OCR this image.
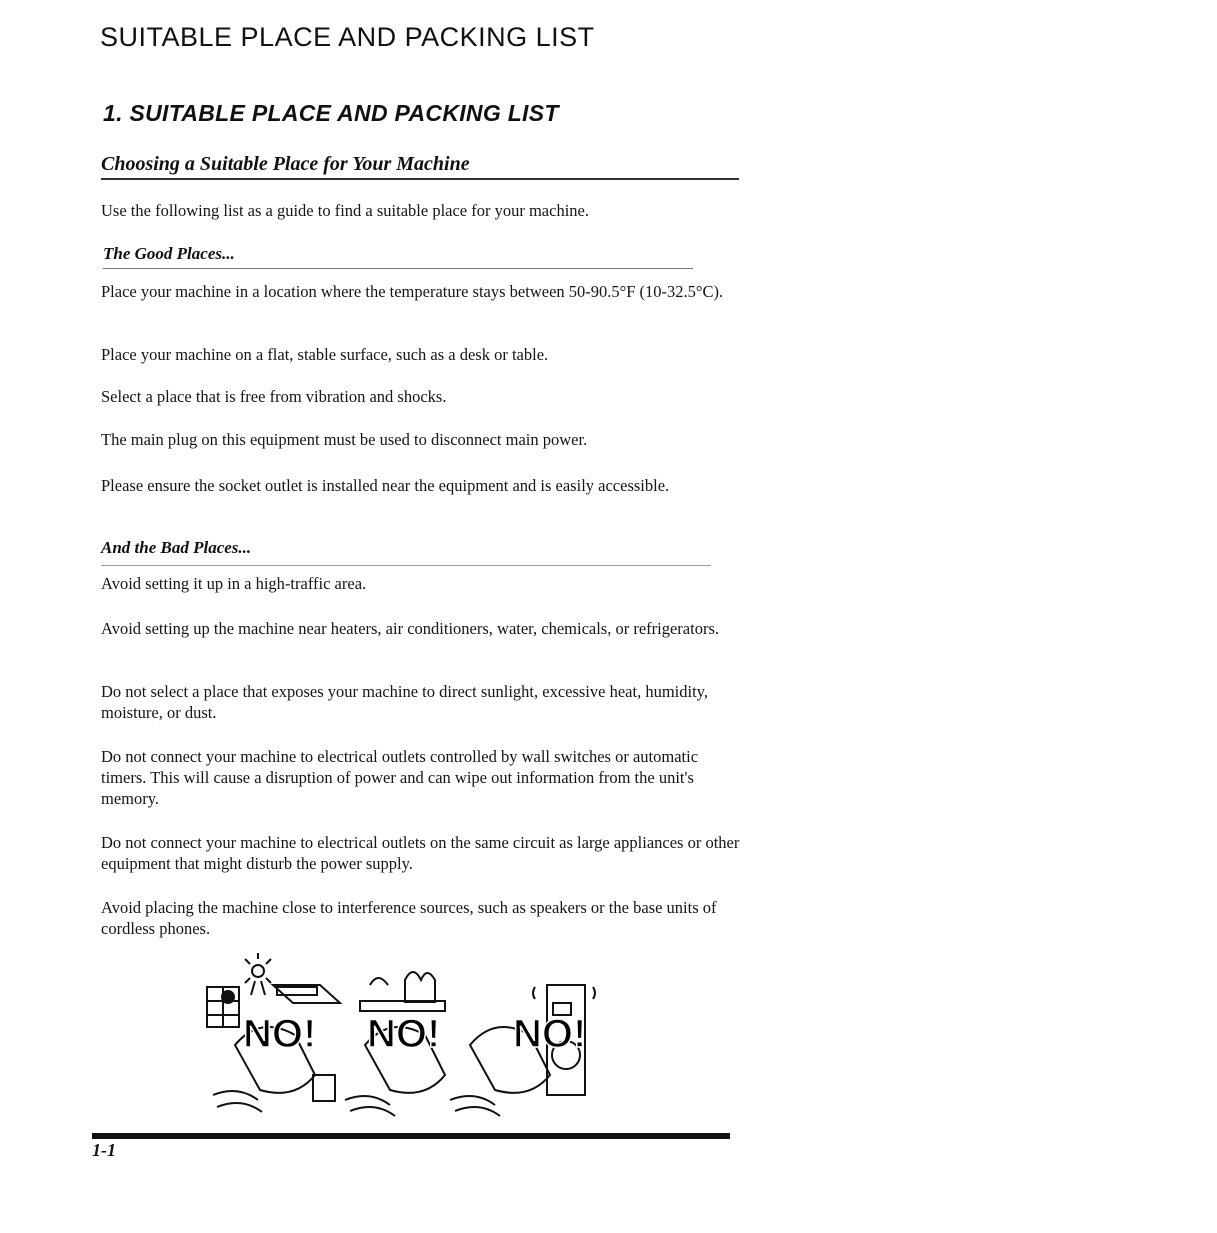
SUITABLE PLACE AND PACKING LIST
1. SUITABLE PLACE AND PACKING LIST
Choosing a Suitable Place for Your Machine
Use the following list as a guide to find a suitable place for your machine.
The Good Places...
Place your machine in a location where the temperature stays between 50-90.5°F (10-32.5°C).
Place your machine on a flat, stable surface, such as a desk or table.
Select a place that is free from vibration and shocks.
The main plug on this equipment must be used to disconnect main power.
Please ensure the socket outlet is installed near the equipment and is easily accessible.
And the Bad Places...
Avoid setting it up in a high-traffic area.
Avoid setting up the machine near heaters, air conditioners, water, chemicals, or refrigerators.
Do not select a place that exposes your machine to direct sunlight, excessive heat, humidity, moisture, or dust.
Do not connect your machine to electrical outlets controlled by wall switches or automatic timers. This will cause a disruption of power and can wipe out information from the unit's memory.
Do not connect your machine to electrical outlets on the same circuit as large appliances or other equipment that might disturb the power supply.
Avoid placing the machine close to interference sources, such as speakers or the base units of cordless phones.
NO! NO! NO!
1-1
